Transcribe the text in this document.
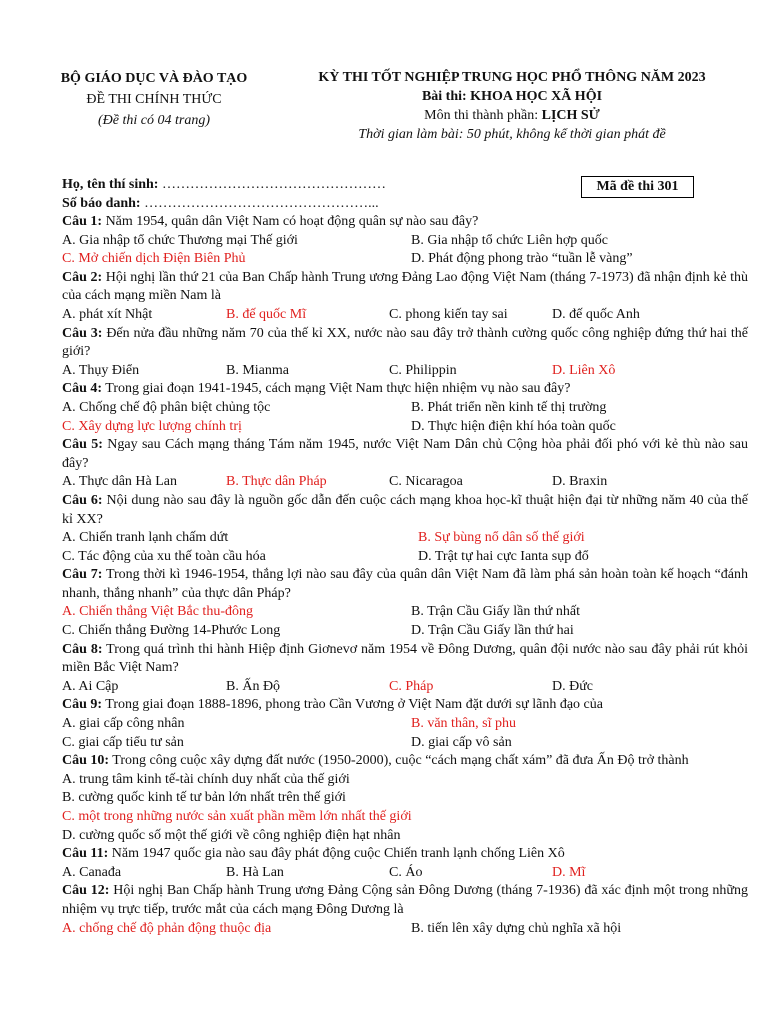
BỘ GIÁO DỤC VÀ ĐÀO TẠO
ĐỀ THI CHÍNH THỨC
(Đề thi có 04 trang)
KỲ THI TỐT NGHIỆP TRUNG HỌC PHỔ THÔNG NĂM 2023
Bài thi: KHOA HỌC XÃ HỘI
Môn thi thành phần: LỊCH SỬ
Thời gian làm bài: 50 phút, không kể thời gian phát đề
Họ, tên thí sinh: …………………………………………
Số báo danh: …………………………………………...
Mã đề thi 301
Câu 1: Năm 1954, quân dân Việt Nam có hoạt động quân sự nào sau đây?
A. Gia nhập tổ chức Thương mại Thế giới	B. Gia nhập tổ chức Liên hợp quốc
C. Mở chiến dịch Điện Biên Phủ	D. Phát động phong trào “tuần lễ vàng”
Câu 2: Hội nghị lần thứ 21 của Ban Chấp hành Trung ương Đảng Lao động Việt Nam (tháng 7-1973) đã nhận định kẻ thù của cách mạng miền Nam là
A. phát xít Nhật	B. đế quốc Mĩ	C. phong kiến tay sai	D. đế quốc Anh
Câu 3: Đến nửa đầu những năm 70 của thế kỉ XX, nước nào sau đây trở thành cường quốc công nghiệp đứng thứ hai thế giới?
A. Thụy Điển	B. Mianma	C. Philippin	D. Liên Xô
Câu 4: Trong giai đoạn 1941-1945, cách mạng Việt Nam thực hiện nhiệm vụ nào sau đây?
A. Chống chế độ phân biệt chủng tộc	B. Phát triển nền kinh tế thị trường
C. Xây dựng lực lượng chính trị	D. Thực hiện điện khí hóa toàn quốc
Câu 5: Ngay sau Cách mạng tháng Tám năm 1945, nước Việt Nam Dân chủ Cộng hòa phải đối phó với kẻ thù nào sau đây?
A. Thực dân Hà Lan	B. Thực dân Pháp	C. Nicaragoa	D. Braxin
Câu 6: Nội dung nào sau đây là nguồn gốc dẫn đến cuộc cách mạng khoa học-kĩ thuật hiện đại từ những năm 40 của thế kỉ XX?
A. Chiến tranh lạnh chấm dứt	B. Sự bùng nổ dân số thế giới
C. Tác động của xu thế toàn cầu hóa	D. Trật tự hai cực Ianta sụp đổ
Câu 7: Trong thời kì 1946-1954, thắng lợi nào sau đây của quân dân Việt Nam đã làm phá sản hoàn toàn kế hoạch “đánh nhanh, thắng nhanh” của thực dân Pháp?
A. Chiến thắng Việt Bắc thu-đông	B. Trận Cầu Giấy lần thứ nhất
C. Chiến thắng Đường 14-Phước Long	D. Trận Cầu Giấy lần thứ hai
Câu 8: Trong quá trình thi hành Hiệp định Giơnevơ năm 1954 về Đông Dương, quân đội nước nào sau đây phải rút khỏi miền Bắc Việt Nam?
A. Ai Cập	B. Ấn Độ	C. Pháp	D. Đức
Câu 9: Trong giai đoạn 1888-1896, phong trào Cần Vương ở Việt Nam đặt dưới sự lãnh đạo của
A. giai cấp công nhân	B. văn thân, sĩ phu
C. giai cấp tiểu tư sản	D. giai cấp vô sản
Câu 10: Trong công cuộc xây dựng đất nước (1950-2000), cuộc “cách mạng chất xám” đã đưa Ấn Độ trở thành
A. trung tâm kinh tế-tài chính duy nhất của thế giới
B. cường quốc kinh tế tư bản lớn nhất trên thế giới
C. một trong những nước sản xuất phần mềm lớn nhất thế giới
D. cường quốc số một thế giới về công nghiệp điện hạt nhân
Câu 11: Năm 1947 quốc gia nào sau đây phát động cuộc Chiến tranh lạnh chống Liên Xô
A. Canađa	B. Hà Lan	C. Áo	D. Mĩ
Câu 12: Hội nghị Ban Chấp hành Trung ương Đảng Cộng sản Đông Dương (tháng 7-1936) đã xác định một trong những nhiệm vụ trực tiếp, trước mắt của cách mạng Đông Dương là
A. chống chế độ phản động thuộc địa	B. tiến lên xây dựng chủ nghĩa xã hội
